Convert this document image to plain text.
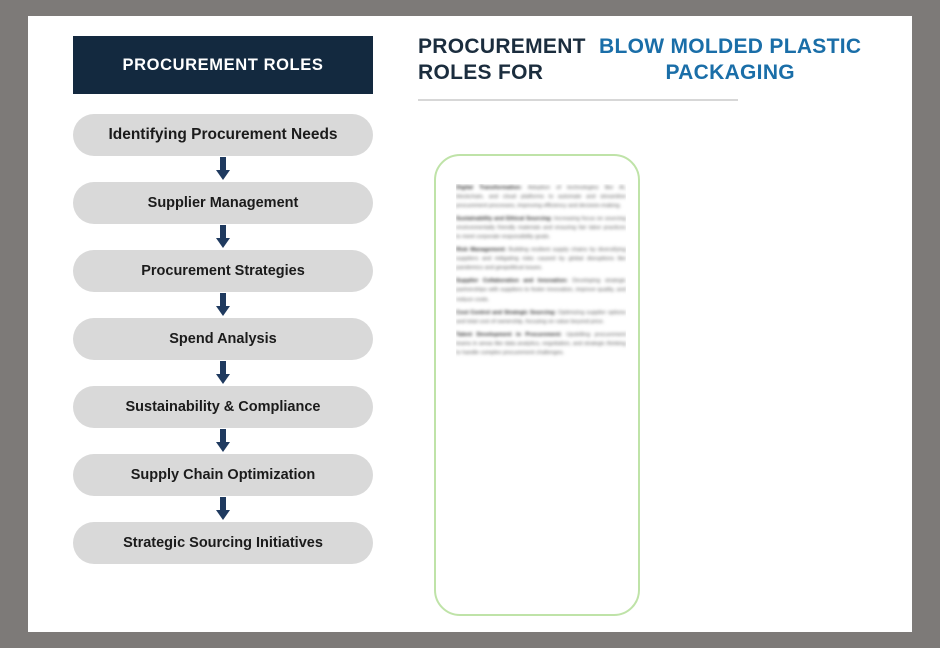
PROCUREMENT ROLES
Identifying Procurement Needs
Supplier Management
Procurement Strategies
Spend Analysis
Sustainability & Compliance
Supply Chain Optimization
Strategic Sourcing Initiatives
PROCUREMENT
ROLES FOR
BLOW MOLDED PLASTIC
PACKAGING

Digital Transformation: Adoption of technologies like AI, blockchain, and cloud platforms to automate and streamline procurement processes, improving efficiency and decision-making.

Sustainability and Ethical Sourcing: Increasing focus on sourcing environmentally friendly materials and ensuring fair labor practices to meet corporate responsibility goals.

Risk Management: Building resilient supply chains by diversifying suppliers and mitigating risks caused by global disruptions like pandemics and geopolitical issues.

Supplier Collaboration and Innovation: Developing strategic partnerships with suppliers to foster innovation, improve quality, and reduce costs.

Cost Control and Strategic Sourcing: Optimizing supplier options and total cost of ownership, focusing on value beyond price.

Talent Development in Procurement: Upskilling procurement teams in areas like data analytics, negotiation, and strategic thinking to handle complex procurement challenges.
